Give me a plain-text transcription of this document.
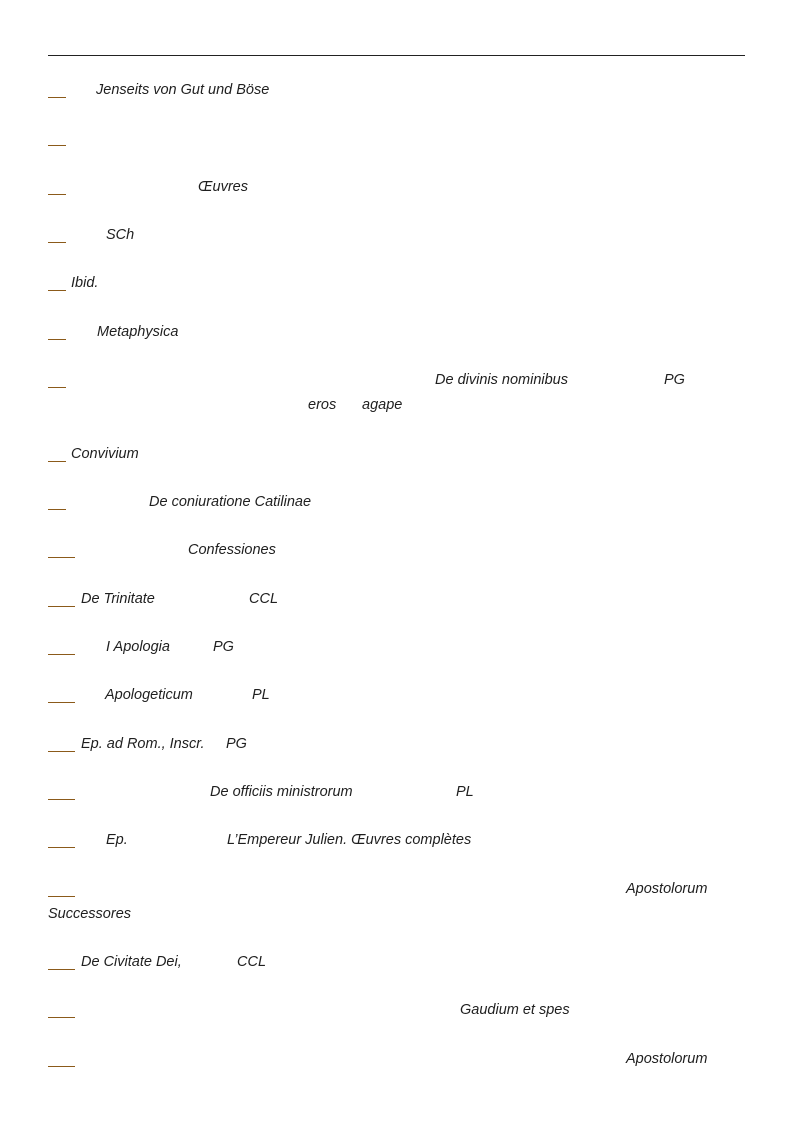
Jenseits von Gut und Böse
Œuvres
SCh
Ibid.
Metaphysica
De divinis nominibus	PG
eros agape
Convivium
De coniuratione Catilinae
Confessiones
De Trinitate	CCL
I Apologia	PG
Apologeticum	PL
Ep. ad Rom., Inscr. PG
De officiis ministrorum	PL
Ep.	L’Empereur Julien. Œuvres complètes
Apostolorum
Successores
De Civitate Dei,	CCL
Gaudium et spes
Apostolorum
